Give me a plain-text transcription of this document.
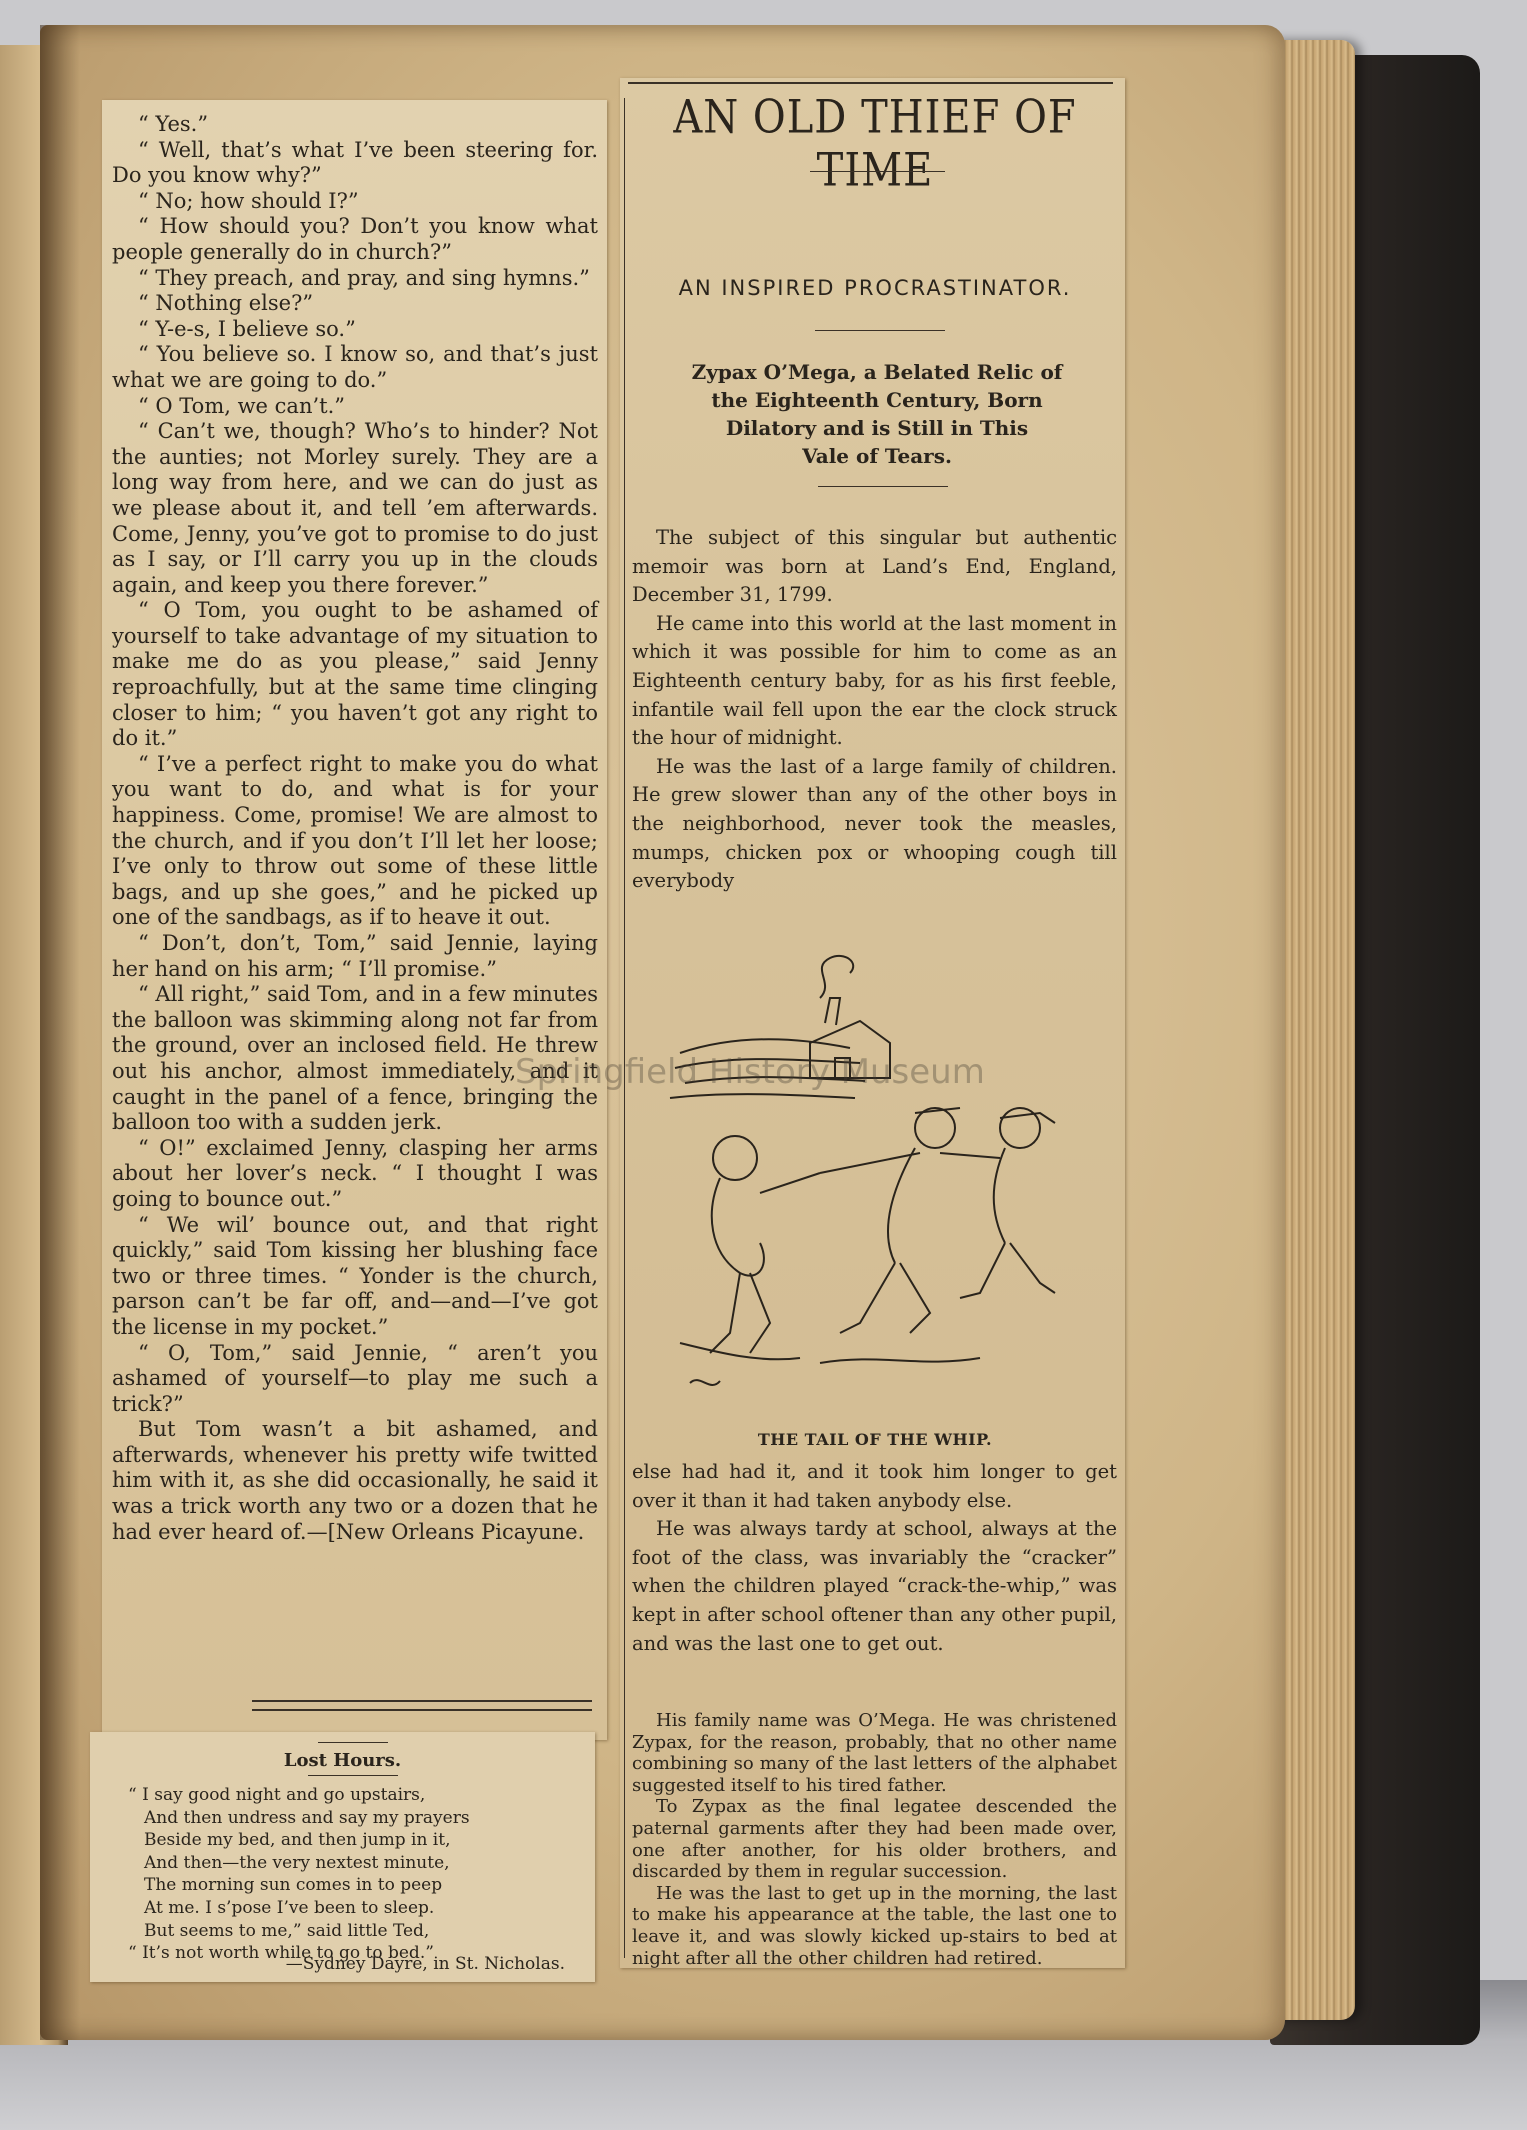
“ Yes.”

“ Well, that’s what I’ve been steering for. Do you know why?”

“ No; how should I?”

“ How should you? Don’t you know what people generally do in church?”

“ They preach, and pray, and sing hymns.”

“ Nothing else?”

“ Y-e-s, I believe so.”

“ You believe so. I know so, and that’s just what we are going to do.”

“ O Tom, we can’t.”

“ Can’t we, though? Who’s to hinder? Not the aunties; not Morley surely. They are a long way from here, and we can do just as we please about it, and tell ’em afterwards. Come, Jenny, you’ve got to promise to do just as I say, or I’ll carry you up in the clouds again, and keep you there forever.”

“ O Tom, you ought to be ashamed of yourself to take advantage of my situation to make me do as you please,” said Jenny reproachfully, but at the same time clinging closer to him; “ you haven’t got any right to do it.”

“ I’ve a perfect right to make you do what you want to do, and what is for your happiness. Come, promise! We are almost to the church, and if you don’t I’ll let her loose; I’ve only to throw out some of these little bags, and up she goes,” and he picked up one of the sandbags, as if to heave it out.

“ Don’t, don’t, Tom,” said Jennie, laying her hand on his arm; “ I’ll promise.”

“ All right,” said Tom, and in a few minutes the balloon was skimming along not far from the ground, over an inclosed field. He threw out his anchor, almost immediately, and it caught in the panel of a fence, bringing the balloon too with a sudden jerk.

“ O!” exclaimed Jenny, clasping her arms about her lover’s neck. “ I thought I was going to bounce out.”

“ We wil’ bounce out, and that right quickly,” said Tom kissing her blushing face two or three times. “ Yonder is the church, parson can’t be far off, and—and—I’ve got the license in my pocket.”

“ O, Tom,” said Jennie, “ aren’t you ashamed of yourself—to play me such a trick?”

But Tom wasn’t a bit ashamed, and afterwards, whenever his pretty wife twitted him with it, as she did occasionally, he said it was a trick worth any two or a dozen that he had ever heard of.—[New Orleans Picayune.

Lost Hours.
“ I say good night and go upstairs,
And then undress and say my prayers
Beside my bed, and then jump in it,
And then—the very nextest minute,
The morning sun comes in to peep
At me. I s’pose I’ve been to sleep.
But seems to me,” said little Ted,
“ It’s not worth while to go to bed.”
—Sydney Dayre, in St. Nicholas.
AN OLD THIEF OF TIME
AN INSPIRED PROCRASTINATOR.
Zypax O’Mega, a Belated Relic of
the Eighteenth Century, Born
Dilatory and is Still in This
Vale of Tears.

The subject of this singular but authentic memoir was born at Land’s End, England, December 31, 1799.

He came into this world at the last moment in which it was possible for him to come as an Eighteenth century baby, for as his first feeble, infantile wail fell upon the ear the clock struck the hour of midnight.

He was the last of a large family of children. He grew slower than any of the other boys in the neighborhood, never took the measles, mumps, chicken pox or whooping cough till everybody

THE TAIL OF THE WHIP.

else had had it, and it took him longer to get over it than it had taken anybody else.

He was always tardy at school, always at the foot of the class, was invariably the “cracker” when the children played “crack-the-whip,” was kept in after school oftener than any other pupil, and was the last one to get out.

His family name was O’Mega. He was christened Zypax, for the reason, probably, that no other name combining so many of the last letters of the alphabet suggested itself to his tired father.

To Zypax as the final legatee descended the paternal garments after they had been made over, one after another, for his older brothers, and discarded by them in regular succession.

He was the last to get up in the morning, the last to make his appearance at the table, the last one to leave it, and was slowly kicked up-stairs to bed at night after all the other children had retired.

Springfield History Museum
